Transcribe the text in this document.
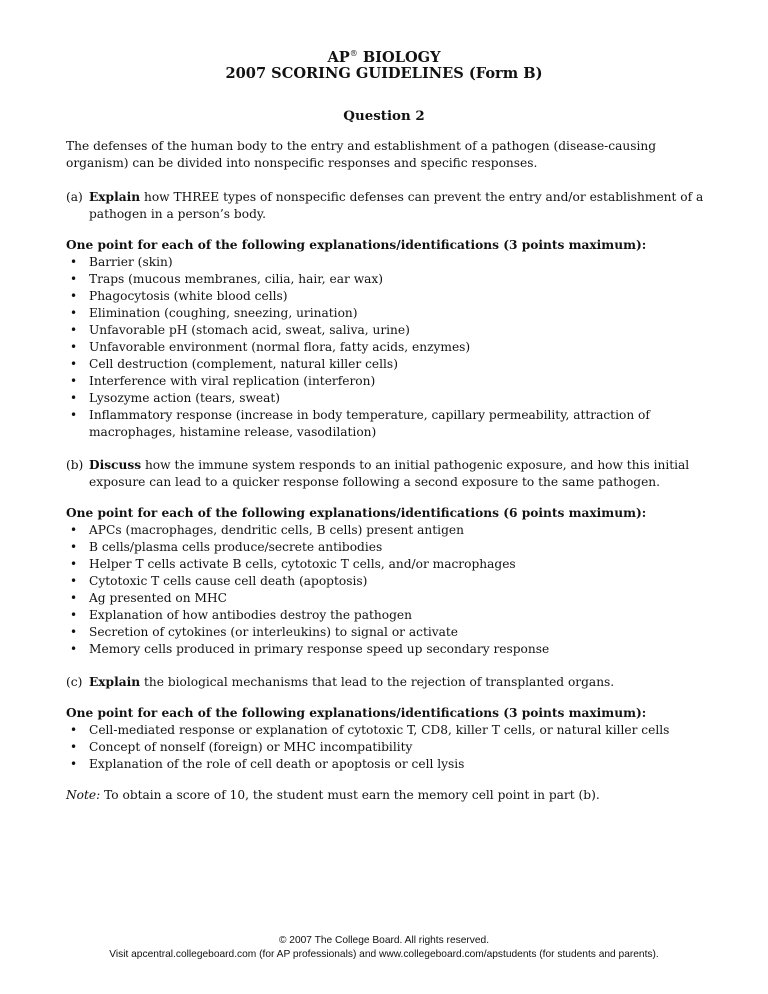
AP® BIOLOGY
2007 SCORING GUIDELINES (Form B)
Question 2
The defenses of the human body to the entry and establishment of a pathogen (disease-causing organism) can be divided into nonspecific responses and specific responses.
(a) Explain how THREE types of nonspecific defenses can prevent the entry and/or establishment of a pathogen in a person’s body.
One point for each of the following explanations/identifications (3 points maximum):
• Barrier (skin)
• Traps (mucous membranes, cilia, hair, ear wax)
• Phagocytosis (white blood cells)
• Elimination (coughing, sneezing, urination)
• Unfavorable pH (stomach acid, sweat, saliva, urine)
• Unfavorable environment (normal flora, fatty acids, enzymes)
• Cell destruction (complement, natural killer cells)
• Interference with viral replication (interferon)
• Lysozyme action (tears, sweat)
• Inflammatory response (increase in body temperature, capillary permeability, attraction of macrophages, histamine release, vasodilation)
(b) Discuss how the immune system responds to an initial pathogenic exposure, and how this initial exposure can lead to a quicker response following a second exposure to the same pathogen.
One point for each of the following explanations/identifications (6 points maximum):
• APCs (macrophages, dendritic cells, B cells) present antigen
• B cells/plasma cells produce/secrete antibodies
• Helper T cells activate B cells, cytotoxic T cells, and/or macrophages
• Cytotoxic T cells cause cell death (apoptosis)
• Ag presented on MHC
• Explanation of how antibodies destroy the pathogen
• Secretion of cytokines (or interleukins) to signal or activate
• Memory cells produced in primary response speed up secondary response
(c) Explain the biological mechanisms that lead to the rejection of transplanted organs.
One point for each of the following explanations/identifications (3 points maximum):
• Cell-mediated response or explanation of cytotoxic T, CD8, killer T cells, or natural killer cells
• Concept of nonself (foreign) or MHC incompatibility
• Explanation of the role of cell death or apoptosis or cell lysis
Note: To obtain a score of 10, the student must earn the memory cell point in part (b).
© 2007 The College Board. All rights reserved.
Visit apcentral.collegeboard.com (for AP professionals) and www.collegeboard.com/apstudents (for students and parents).
